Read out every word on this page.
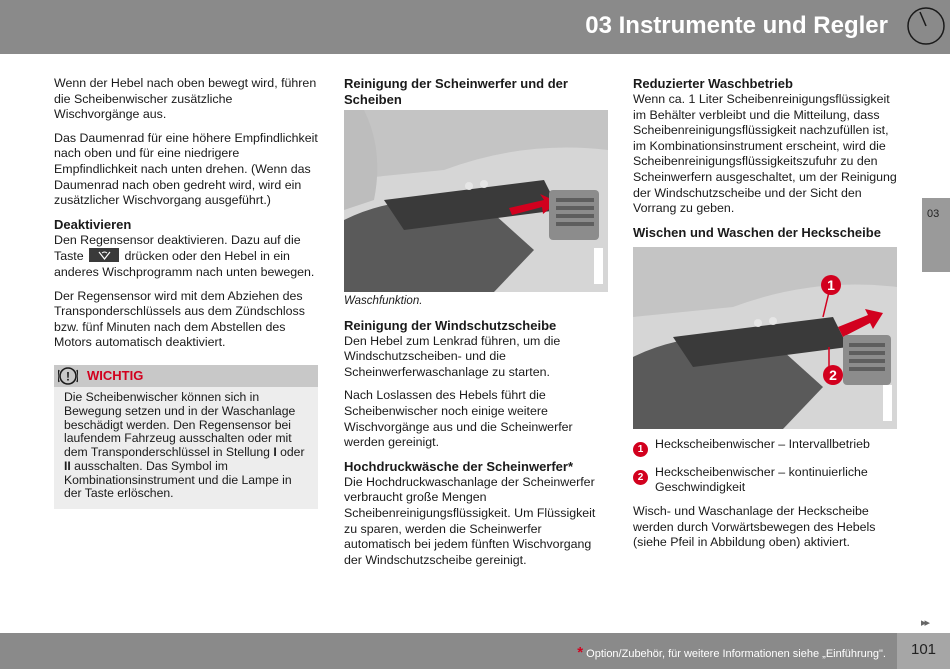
03 Instrumente und Regler
03

Wenn der Hebel nach oben bewegt wird, führen die Scheibenwischer zusätzliche Wischvorgänge aus.

Das Daumenrad für eine höhere Empfindlichkeit nach oben und für eine niedrigere Empfindlichkeit nach unten drehen. (Wenn das Daumenrad nach oben gedreht wird, wird ein zusätzlicher Wischvorgang ausgeführt.)

Deaktivieren

Den Regensensor deaktivieren. Dazu auf die Taste	drücken oder den Hebel in ein anderes Wischprogramm nach unten bewegen.

Der Regensensor wird mit dem Abziehen des Transponderschlüssels aus dem Zündschloss bzw. fünf Minuten nach dem Abstellen des Motors automatisch deaktiviert.

! WICHTIG
Die Scheibenwischer können sich in Bewegung setzen und in der Waschanlage beschädigt werden. Den Regensensor bei laufendem Fahrzeug ausschalten oder mit dem Transponderschlüssel in Stellung I oder II ausschalten. Das Symbol im Kombinationsinstrument und die Lampe in der Taste erlöschen.
Reinigung der Scheinwerfer und der Scheiben
Waschfunktion.
Reinigung der Windschutzscheibe

Den Hebel zum Lenkrad führen, um die Windschutzscheiben- und die Scheinwerferwaschanlage zu starten.

Nach Loslassen des Hebels führt die Scheibenwischer noch einige weitere Wischvorgänge aus und die Scheinwerfer werden gereinigt.

Hochdruckwäsche der Scheinwerfer*

Die Hochdruckwaschanlage der Scheinwerfer verbraucht große Mengen Scheibenreinigungsflüssigkeit. Um Flüssigkeit zu sparen, werden die Scheinwerfer automatisch bei jedem fünften Wischvorgang der Windschutzscheibe gereinigt.

Reduzierter Waschbetrieb

Wenn ca. 1 Liter Scheibenreinigungsflüssigkeit im Behälter verbleibt und die Mitteilung, dass Scheibenreinigungsflüssigkeit nachzufüllen ist, im Kombinationsinstrument erscheint, wird die Scheibenreinigungsflüssigkeitszufuhr zu den Scheinwerfern ausgeschaltet, um der Reinigung der Windschutzscheibe und der Sicht den Vorrang zu geben.

Wischen und Waschen der Heckscheibe
1
2
1 Heckscheibenwischer – Intervallbetrieb
2 Heckscheibenwischer – kontinuierliche Geschwindigkeit

Wisch- und Waschanlage der Heckscheibe werden durch Vorwärtsbewegen des Hebels (siehe Pfeil in Abbildung oben) aktiviert.

▸▸
* Option/Zubehör, für weitere Informationen siehe „Einführung".	101
